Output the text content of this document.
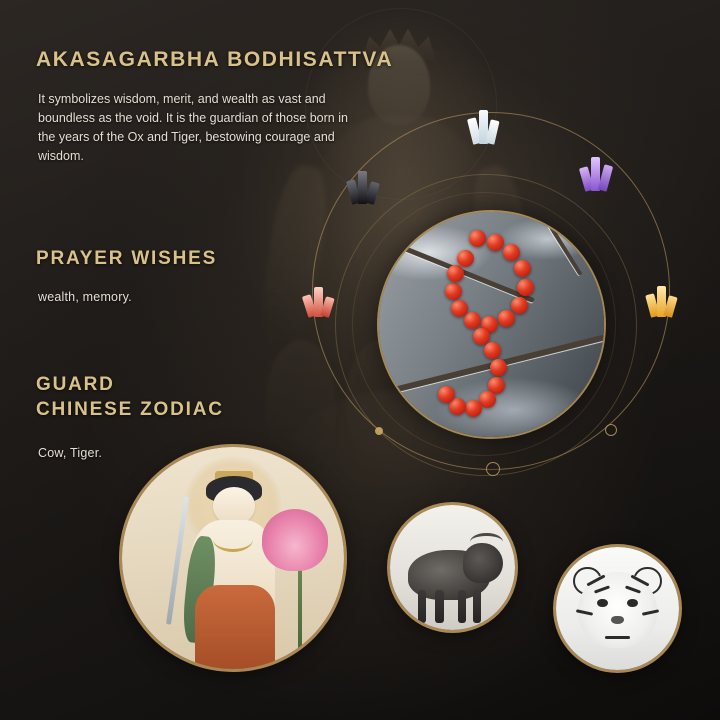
AKASAGARBHA BODHISATTVA
It symbolizes wisdom, merit, and wealth as vast and boundless as the void. It is the guardian of those born in the years of the Ox and Tiger, bestowing courage and wisdom.
PRAYER WISHES
wealth, memory.
GUARD
CHINESE ZODIAC
Cow, Tiger.
